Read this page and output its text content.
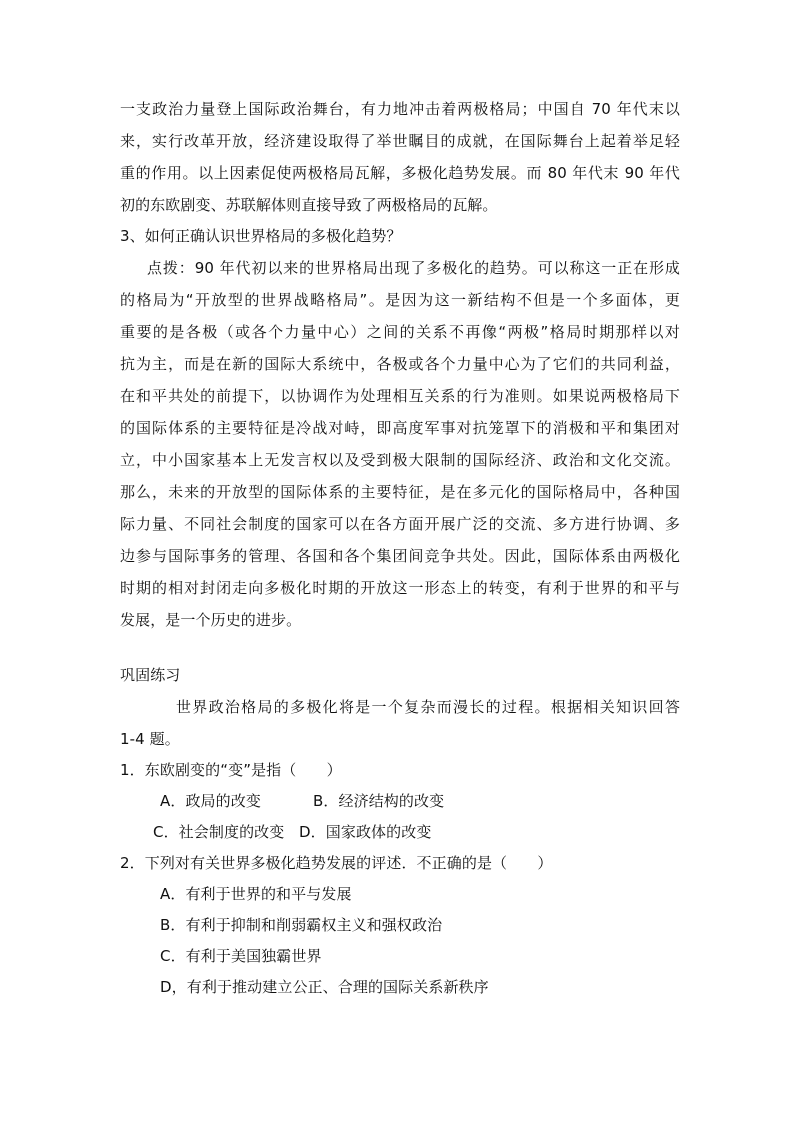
一支政治力量登上国际政治舞台，有力地冲击着两极格局；中国自 70 年代末以
来，实行改革开放，经济建设取得了举世瞩目的成就，在国际舞台上起着举足轻
重的作用。以上因素促使两极格局瓦解，多极化趋势发展。而 80 年代末 90 年代
初的东欧剧变、苏联解体则直接导致了两极格局的瓦解。
3、如何正确认识世界格局的多极化趋势？
点拨：90 年代初以来的世界格局出现了多极化的趋势。可以称这一正在形成
的格局为“开放型的世界战略格局”。是因为这一新结构不但是一个多面体，更
重要的是各极（或各个力量中心）之间的关系不再像“两极”格局时期那样以对
抗为主，而是在新的国际大系统中，各极或各个力量中心为了它们的共同利益，
在和平共处的前提下，以协调作为处理相互关系的行为准则。如果说两极格局下
的国际体系的主要特征是冷战对峙，即高度军事对抗笼罩下的消极和平和集团对
立，中小国家基本上无发言权以及受到极大限制的国际经济、政治和文化交流。
那么，未来的开放型的国际体系的主要特征，是在多元化的国际格局中，各种国
际力量、不同社会制度的国家可以在各方面开展广泛的交流、多方进行协调、多
边参与国际事务的管理、各国和各个集团间竞争共处。因此，国际体系由两极化
时期的相对封闭走向多极化时期的开放这一形态上的转变，有利于世界的和平与
发展，是一个历史的进步。
巩固练习
世界政治格局的多极化将是一个复杂而漫长的过程。根据相关知识回答
1-4 题。
1．东欧剧变的“变”是指（　　）
A．政局的改变	B．经济结构的改变
C．社会制度的改变 D．国家政体的改变
2．下列对有关世界多极化趋势发展的评述．不正确的是（　　）
A．有利于世界的和平与发展
B．有利于抑制和削弱霸权主义和强权政治
C．有利于美国独霸世界
D，有利于推动建立公正、合理的国际关系新秩序
